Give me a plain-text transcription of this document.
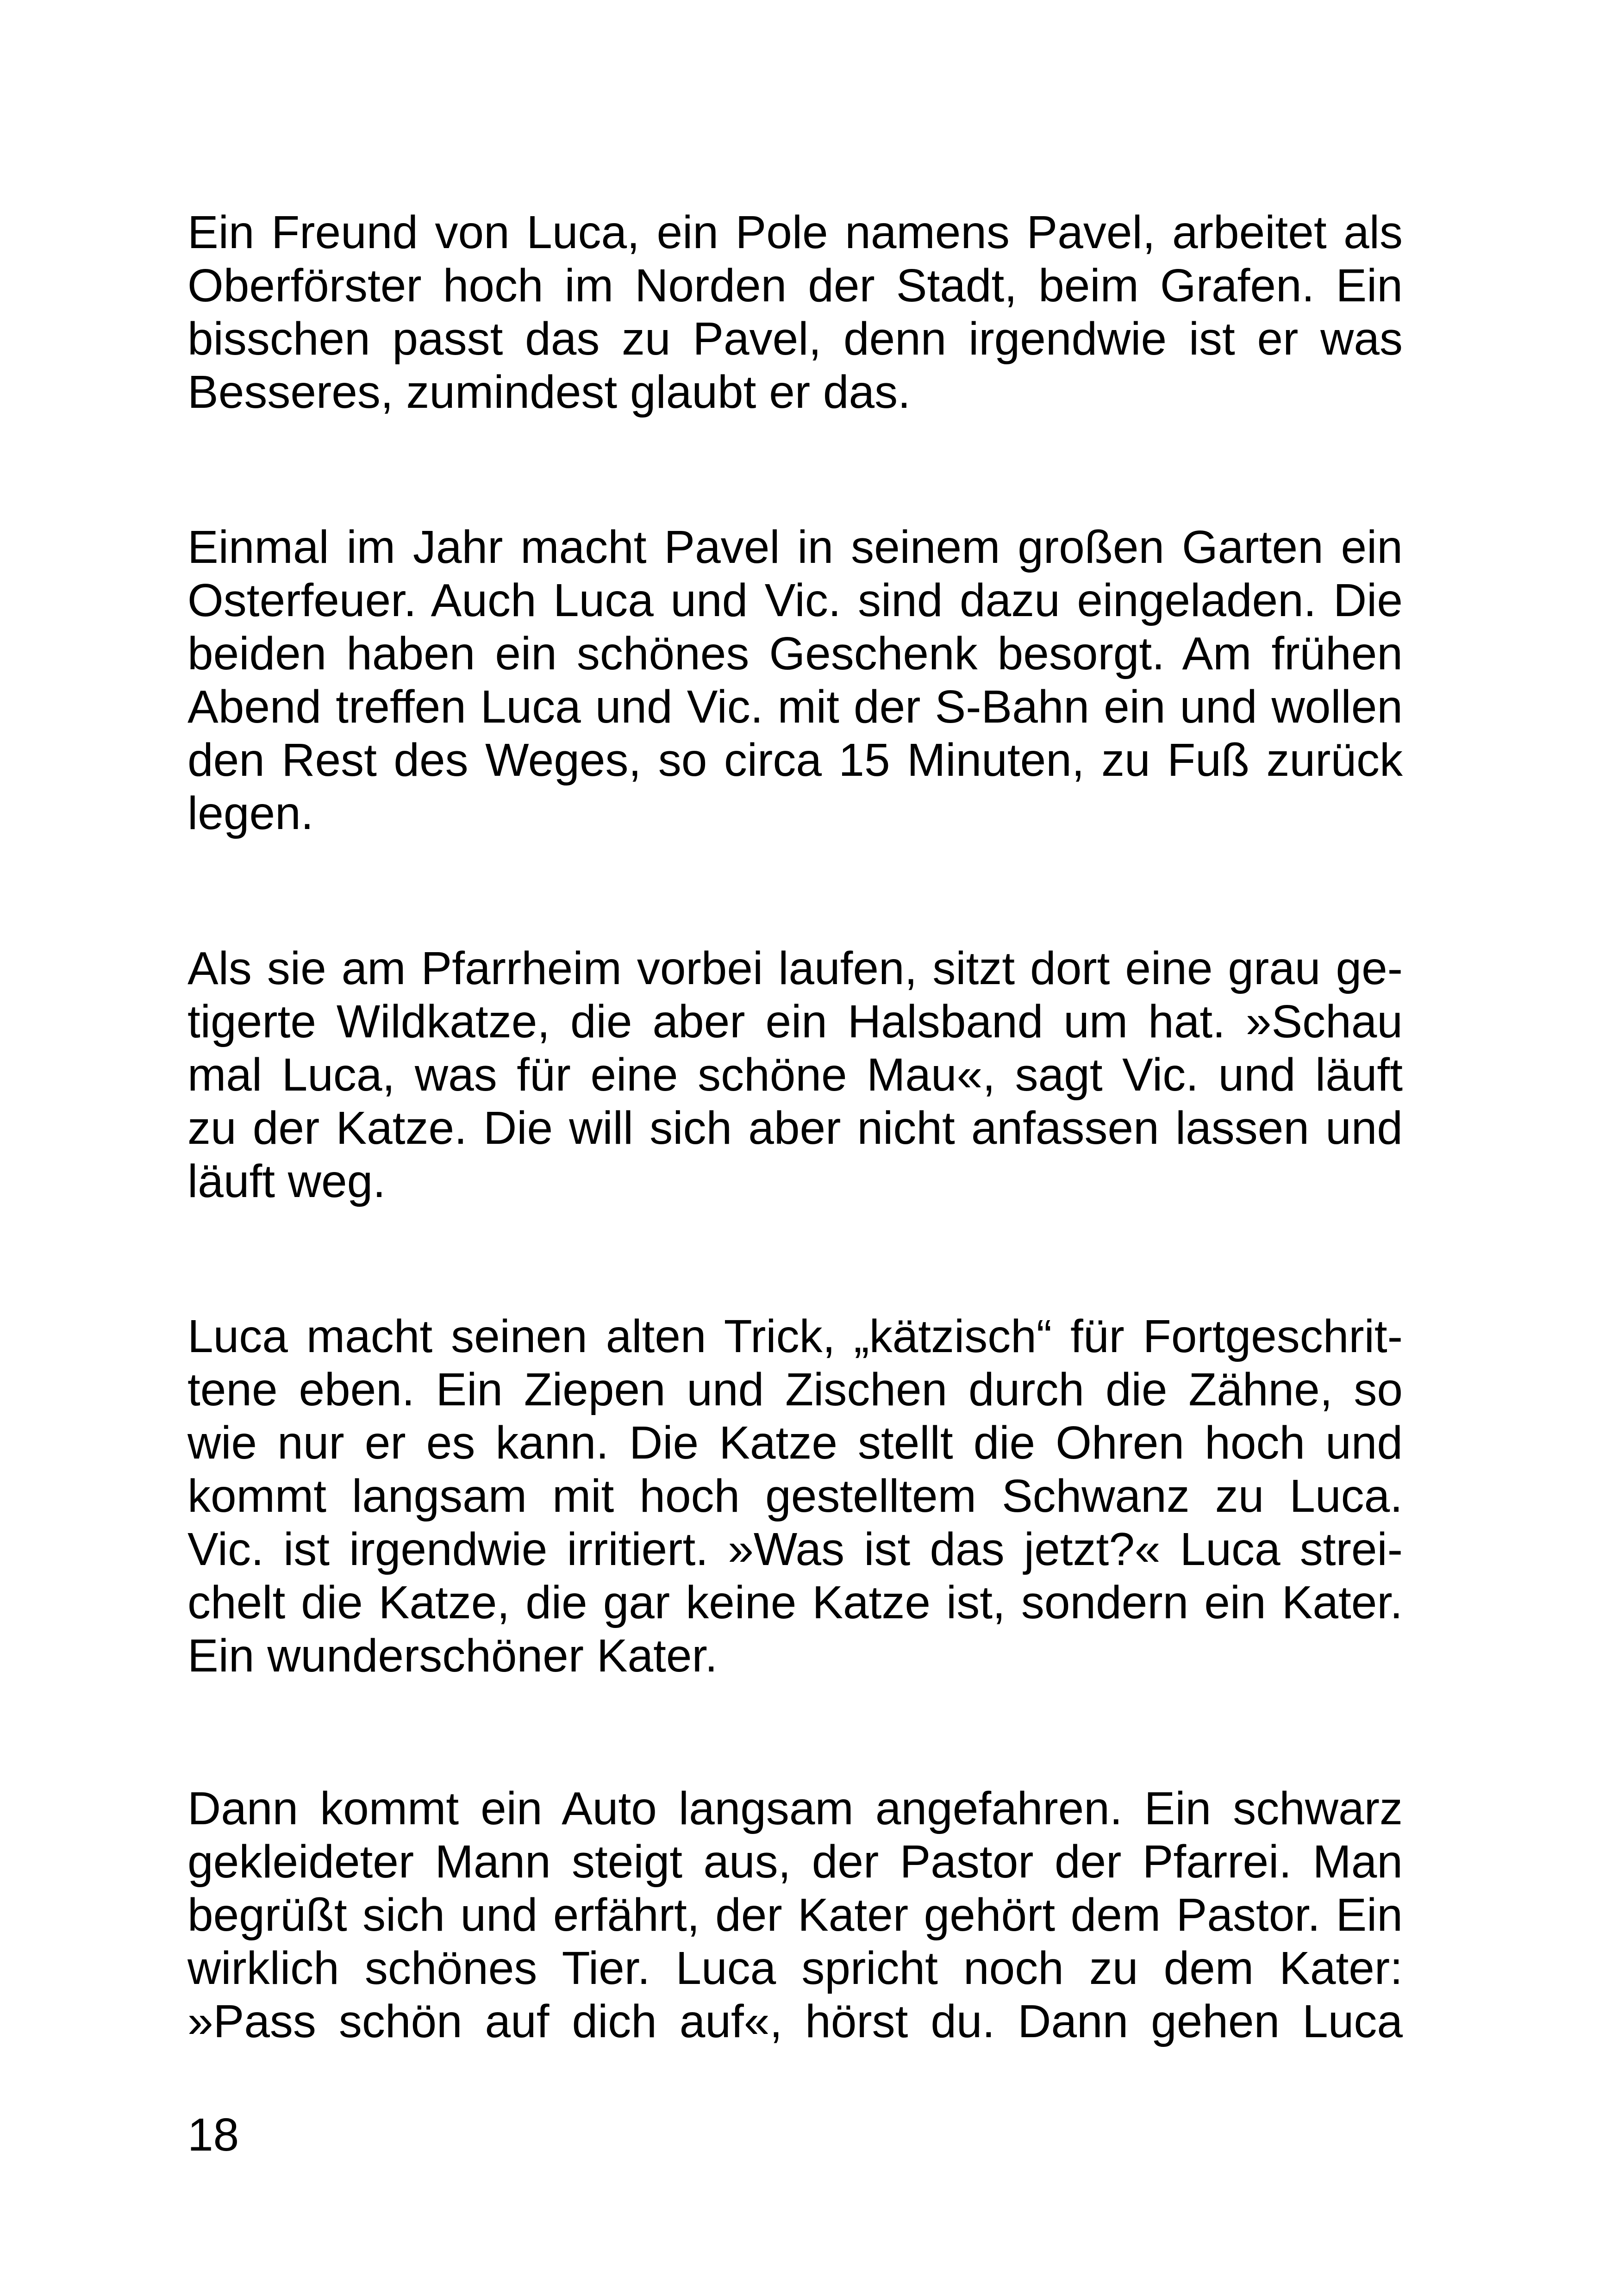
Ein Freund von Luca, ein Pole namens Pavel, arbeitet als
Oberförster hoch im Norden der Stadt, beim Grafen. Ein
bisschen passt das zu Pavel, denn irgendwie ist er was
Besseres, zumindest glaubt er das.
Einmal im Jahr macht Pavel in seinem großen Garten ein
Osterfeuer. Auch Luca und Vic. sind dazu eingeladen. Die
beiden haben ein schönes Geschenk besorgt. Am frühen
Abend treffen Luca und Vic. mit der S-Bahn ein und wollen
den Rest des Weges, so circa 15 Minuten, zu Fuß zurück
legen.
Als sie am Pfarrheim vorbei laufen, sitzt dort eine grau ge-
tigerte Wildkatze, die aber ein Halsband um hat. »Schau
mal Luca, was für eine schöne Mau«, sagt Vic. und läuft
zu der Katze. Die will sich aber nicht anfassen lassen und
läuft weg.
Luca macht seinen alten Trick, „kätzisch“ für Fortgeschrit-
tene eben. Ein Ziepen und Zischen durch die Zähne, so
wie nur er es kann. Die Katze stellt die Ohren hoch und
kommt langsam mit hoch gestelltem Schwanz zu Luca.
Vic. ist irgendwie irritiert. »Was ist das jetzt?« Luca strei-
chelt die Katze, die gar keine Katze ist, sondern ein Kater.
Ein wunderschöner Kater.
Dann kommt ein Auto langsam angefahren. Ein schwarz
gekleideter Mann steigt aus, der Pastor der Pfarrei. Man
begrüßt sich und erfährt, der Kater gehört dem Pastor. Ein
wirklich schönes Tier. Luca spricht noch zu dem Kater:
»Pass schön auf dich auf«, hörst du. Dann gehen Luca
18
